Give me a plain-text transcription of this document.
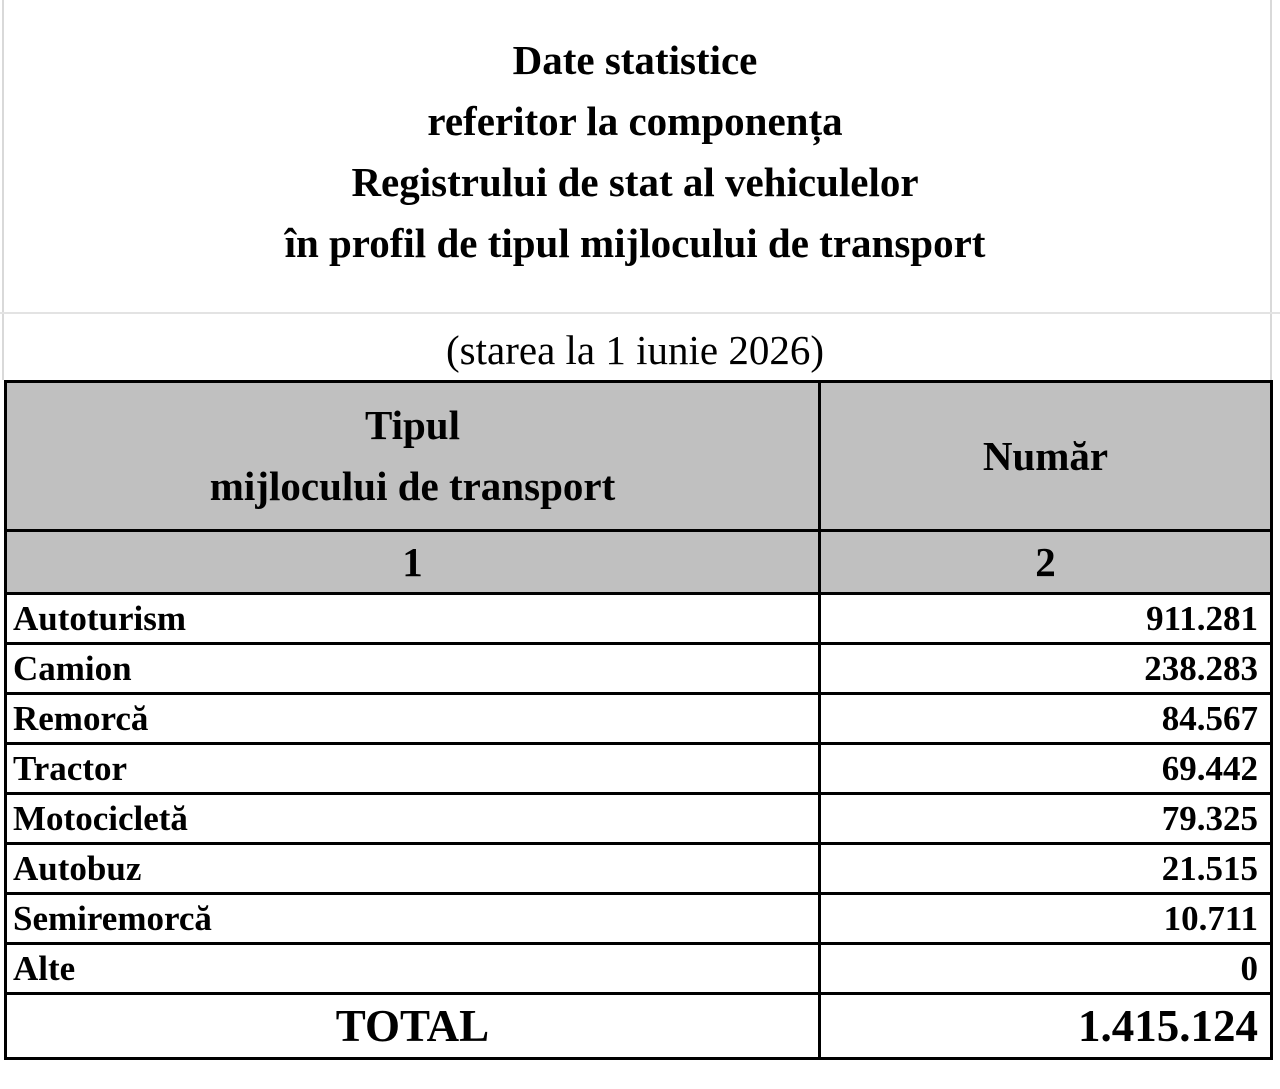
Date statistice
referitor la componența
Registrului de stat al vehiculelor
în profil de tipul mijlocului de transport
(starea la 1 iunie 2026)
Tipul
mijlocului de transport	Număr
1	2
Autoturism	911.281
Camion	238.283
Remorcă	84.567
Tractor	69.442
Motocicletă	79.325
Autobuz	21.515
Semiremorcă	10.711
Alte	0
TOTAL	1.415.124
